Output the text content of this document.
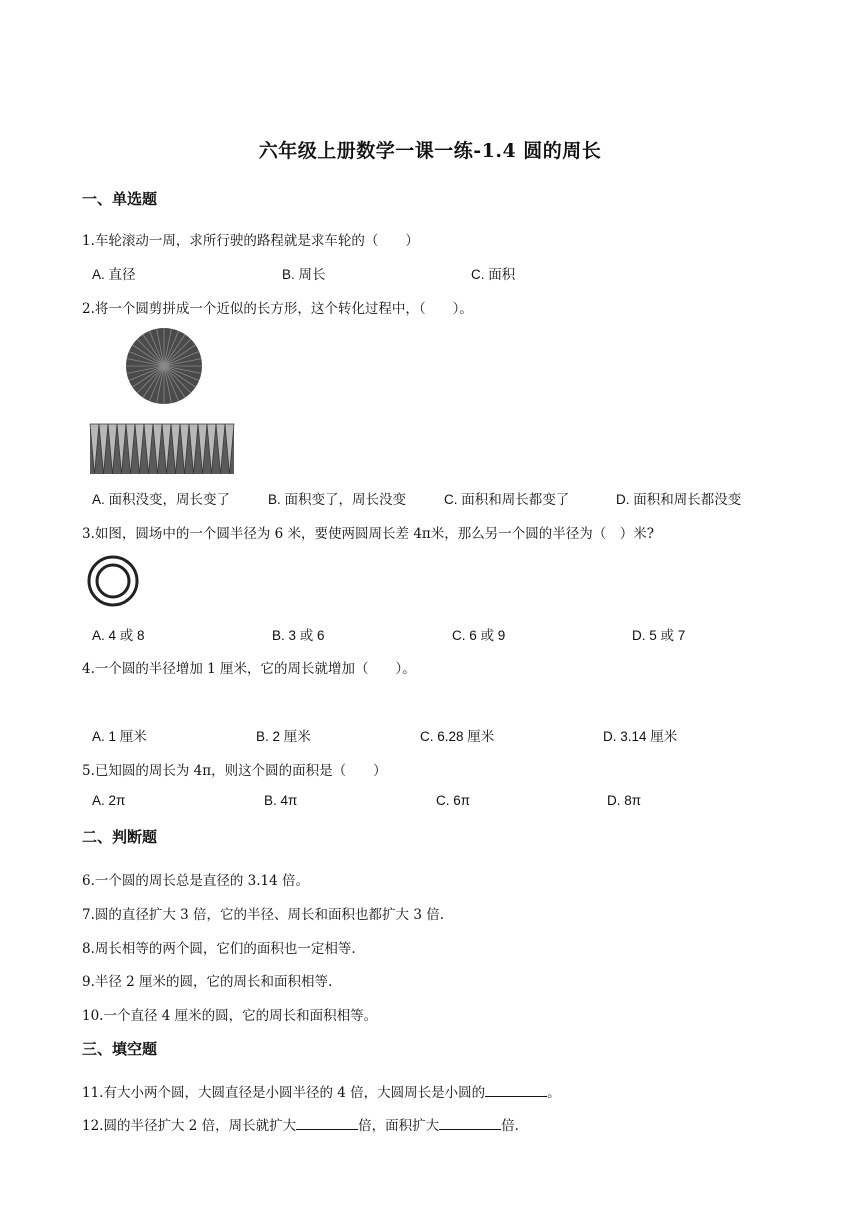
六年级上册数学一课一练-1.4 圆的周长
一、单选题
1.车轮滚动一周，求所行驶的路程就是求车轮的（　　）
A. 直径	B. 周长	C. 面积
2.将一个圆剪拼成一个近似的长方形，这个转化过程中，（　　）。
A. 面积没变，周长变了	B. 面积变了，周长没变	C. 面积和周长都变了	D. 面积和周长都没变
3.如图，圆场中的一个圆半径为 6 米，要使两圆周长差 4π米，那么另一个圆的半径为（　）米?
A. 4 或 8	B. 3 或 6	C. 6 或 9	D. 5 或 7
4.一个圆的半径增加 1 厘米，它的周长就增加（　　）。
A. 1 厘米	B. 2 厘米	C. 6.28 厘米	D. 3.14 厘米
5.已知圆的周长为 4π，则这个圆的面积是（　　）
A. 2π	B. 4π	C. 6π	D. 8π
二、判断题
6.一个圆的周长总是直径的 3.14 倍。
7.圆的直径扩大 3 倍，它的半径、周长和面积也都扩大 3 倍.
8.周长相等的两个圆，它们的面积也一定相等.
9.半径 2 厘米的圆，它的周长和面积相等.
10.一个直径 4 厘米的圆，它的周长和面积相等。
三、填空题
11.有大小两个圆，大圆直径是小圆半径的 4 倍，大圆周长是小圆的	。
12.圆的半径扩大 2 倍，周长就扩大	倍，面积扩大	倍.
